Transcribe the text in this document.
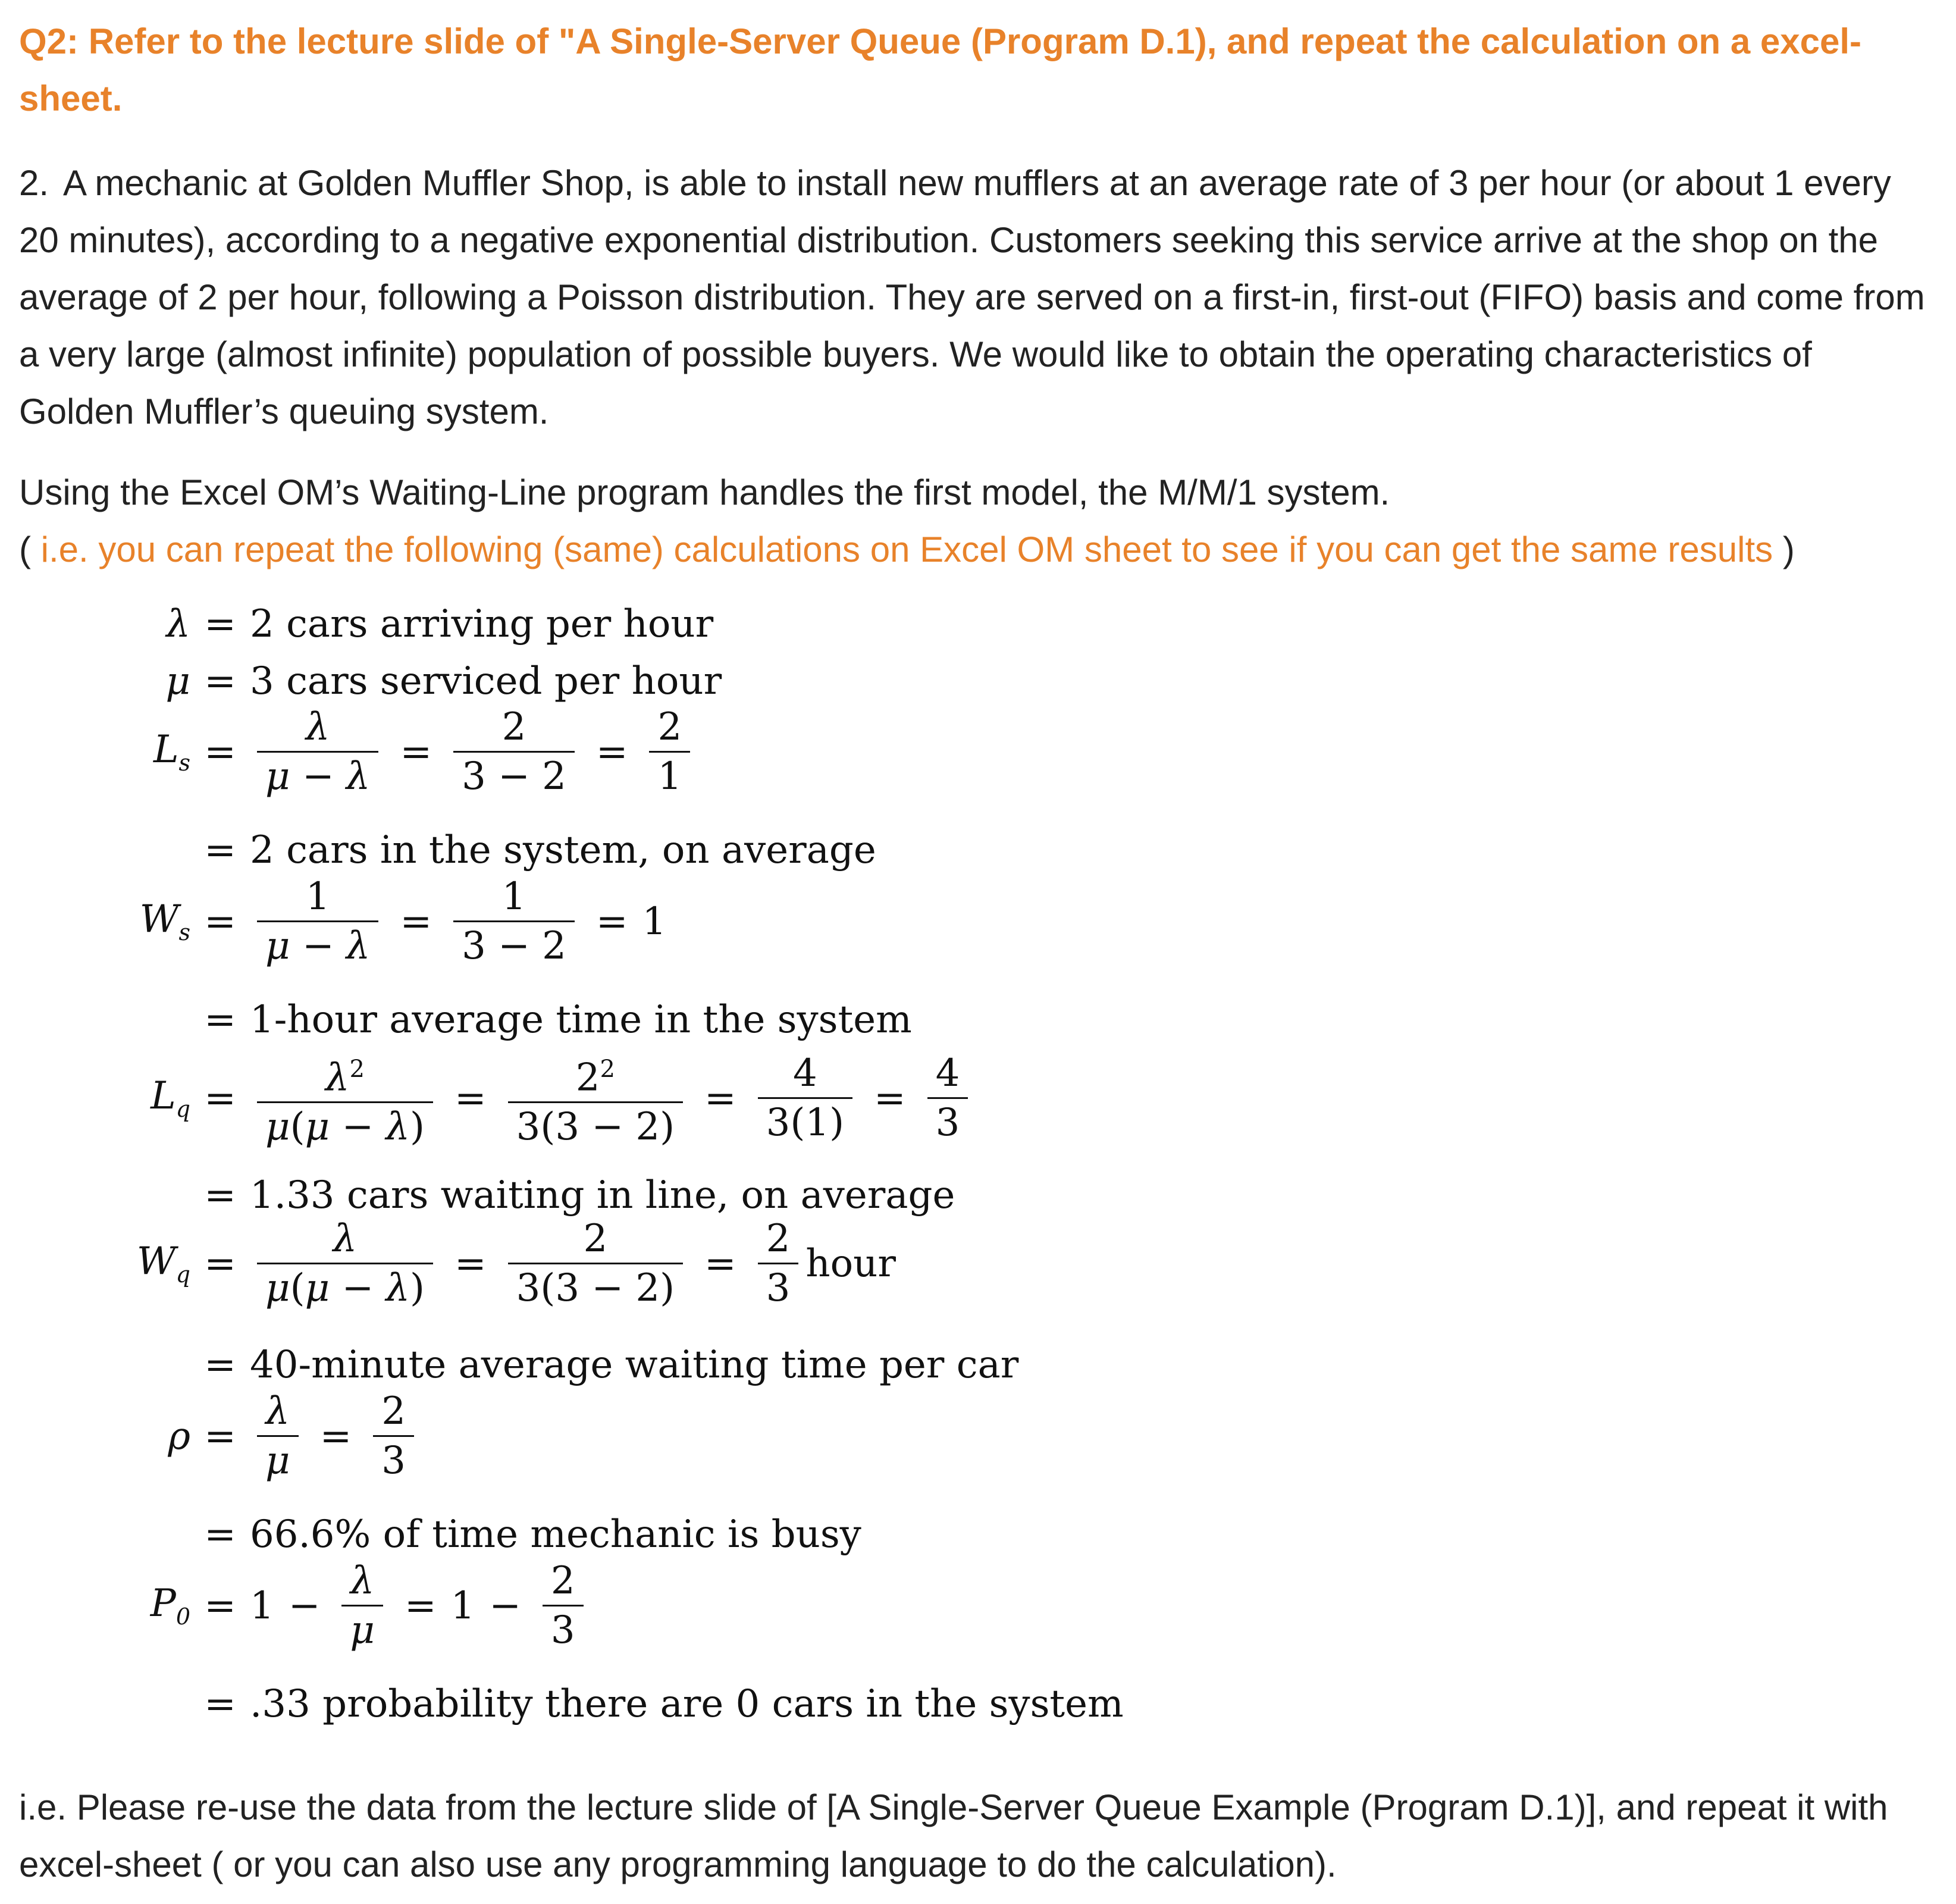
Q2: Refer to the lecture slide of "A Single-Server Queue (Program D.1), and repeat the calculation on a excel-sheet.

2. A mechanic at Golden Muffler Shop, is able to install new mufflers at an average rate of 3 per hour (or about 1 every 20 minutes), according to a negative exponential distribution. Customers seeking this service arrive at the shop on the average of 2 per hour, following a Poisson distribution. They are served on a first-in, first-out (FIFO) basis and come from a very large (almost infinite) population of possible buyers. We would like to obtain the operating characteristics of Golden Muffler’s queuing system.

Using the Excel OM’s Waiting-Line program handles the first model, the M/M/1 system.
( i.e. you can repeat the following (same) calculations on Excel OM sheet to see if you can get the same results )

λ = 2 cars arriving per hour
μ = 3 cars serviced per hour
$L_s = \frac{\lambda}{\mu - \lambda} = \frac{2}{3 - 2} = \frac{2}{1}$
= 2 cars in the system, on average
$W_s = \frac{1}{\mu - \lambda} = \frac{1}{3 - 2} = 1$
= 1-hour average time in the system
$L_q = \frac{\lambda^2}{\mu(\mu - \lambda)} = \frac{2^2}{3(3 - 2)} = \frac{4}{3(1)} = \frac{4}{3}$
= 1.33 cars waiting in line, on average
$W_q = \frac{\lambda}{\mu(\mu - \lambda)} = \frac{2}{3(3 - 2)} = \frac{2}{3}$ hour
= 40-minute average waiting time per car
$\rho = \frac{\lambda}{\mu} = \frac{2}{3}$
= 66.6% of time mechanic is busy
$P_0 = 1 - \frac{\lambda}{\mu} = 1 - \frac{2}{3}$
= .33 probability there are 0 cars in the system

i.e. Please re-use the data from the lecture slide of [A Single-Server Queue Example (Program D.1)], and repeat it with excel-sheet ( or you can also use any programming language to do the calculation).
